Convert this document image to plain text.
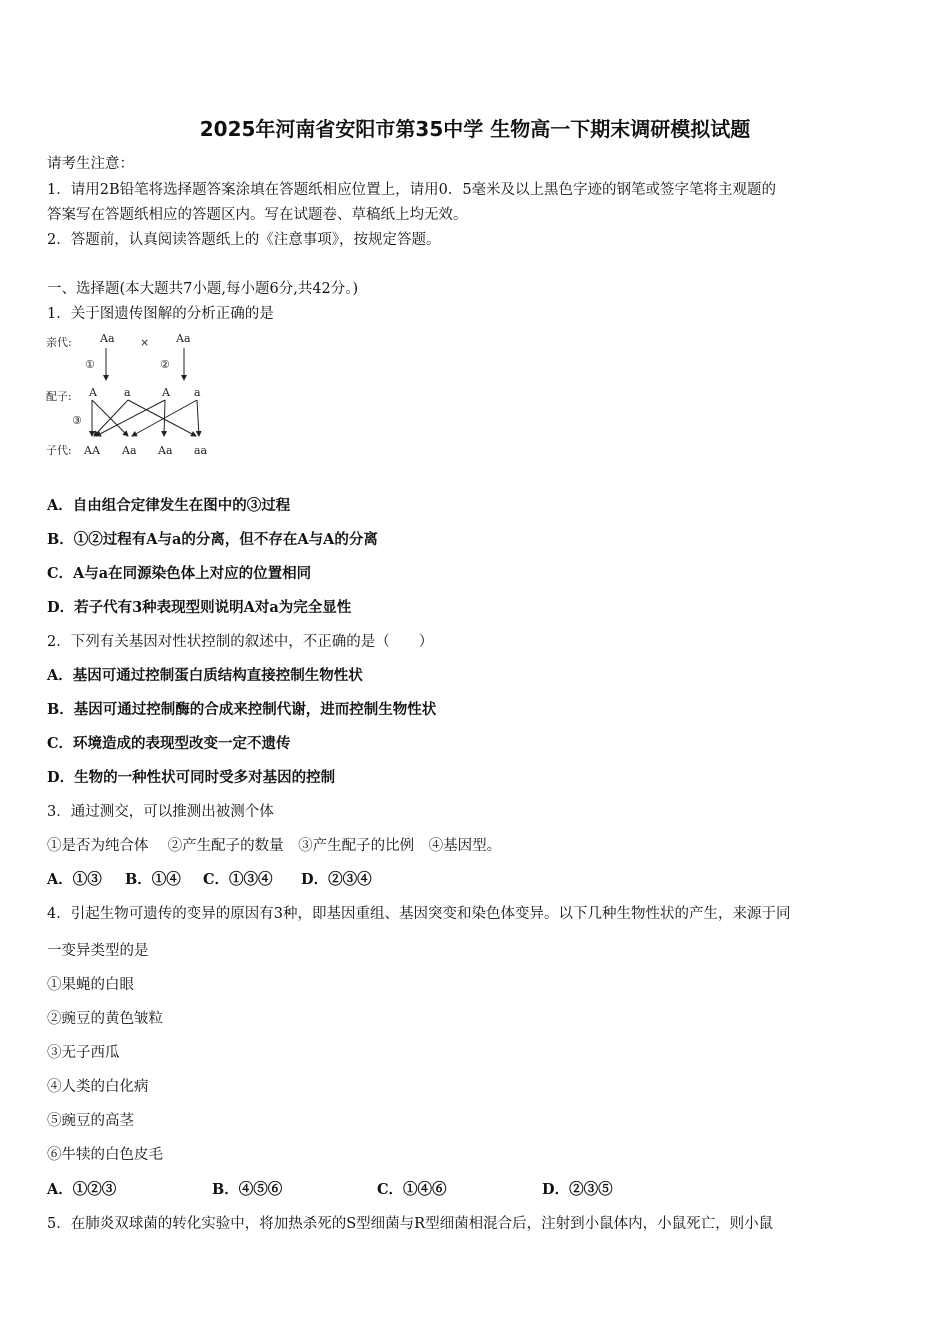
2025年河南省安阳市第35中学 生物高一下期末调研模拟试题
请考生注意：
1．请用2B铅笔将选择题答案涂填在答题纸相应位置上，请用0．5毫米及以上黑色字迹的钢笔或签字笔将主观题的
答案写在答题纸相应的答题区内。写在试题卷、草稿纸上均无效。
2．答题前，认真阅读答题纸上的《注意事项》，按规定答题。
一、选择题(本大题共7小题,每小题6分,共42分。)
1．关于图遗传图解的分析正确的是
亲代:
配子:
子代:
Aa × Aa
①	②
③
A a	A a
AA Aa Aa aa
A．自由组合定律发生在图中的③过程
B．①②过程有A与a的分离，但不存在A与A的分离
C．A与a在同源染色体上对应的位置相同
D．若子代有3种表现型则说明A对a为完全显性
2．下列有关基因对性状控制的叙述中，不正确的是（　　）
A．基因可通过控制蛋白质结构直接控制生物性状
B．基因可通过控制酶的合成来控制代谢，进而控制生物性状
C．环境造成的表现型改变一定不遗传
D．生物的一种性状可同时受多对基因的控制
3．通过测交，可以推测出被测个体
①是否为纯合体　 ②产生配子的数量　③产生配子的比例　④基因型。
A．①③ B．①④ C．①③④ D．②③④
4．引起生物可遗传的变异的原因有3种，即基因重组、基因突变和染色体变异。以下几种生物性状的产生，来源于同
一变异类型的是
①果蝇的白眼
②豌豆的黄色皱粒
③无子西瓜
④人类的白化病
⑤豌豆的高茎
⑥牛犊的白色皮毛
A．①②③	B．④⑤⑥	C．①④⑥	D．②③⑤
5．在肺炎双球菌的转化实验中，将加热杀死的S型细菌与R型细菌相混合后，注射到小鼠体内，小鼠死亡，则小鼠
